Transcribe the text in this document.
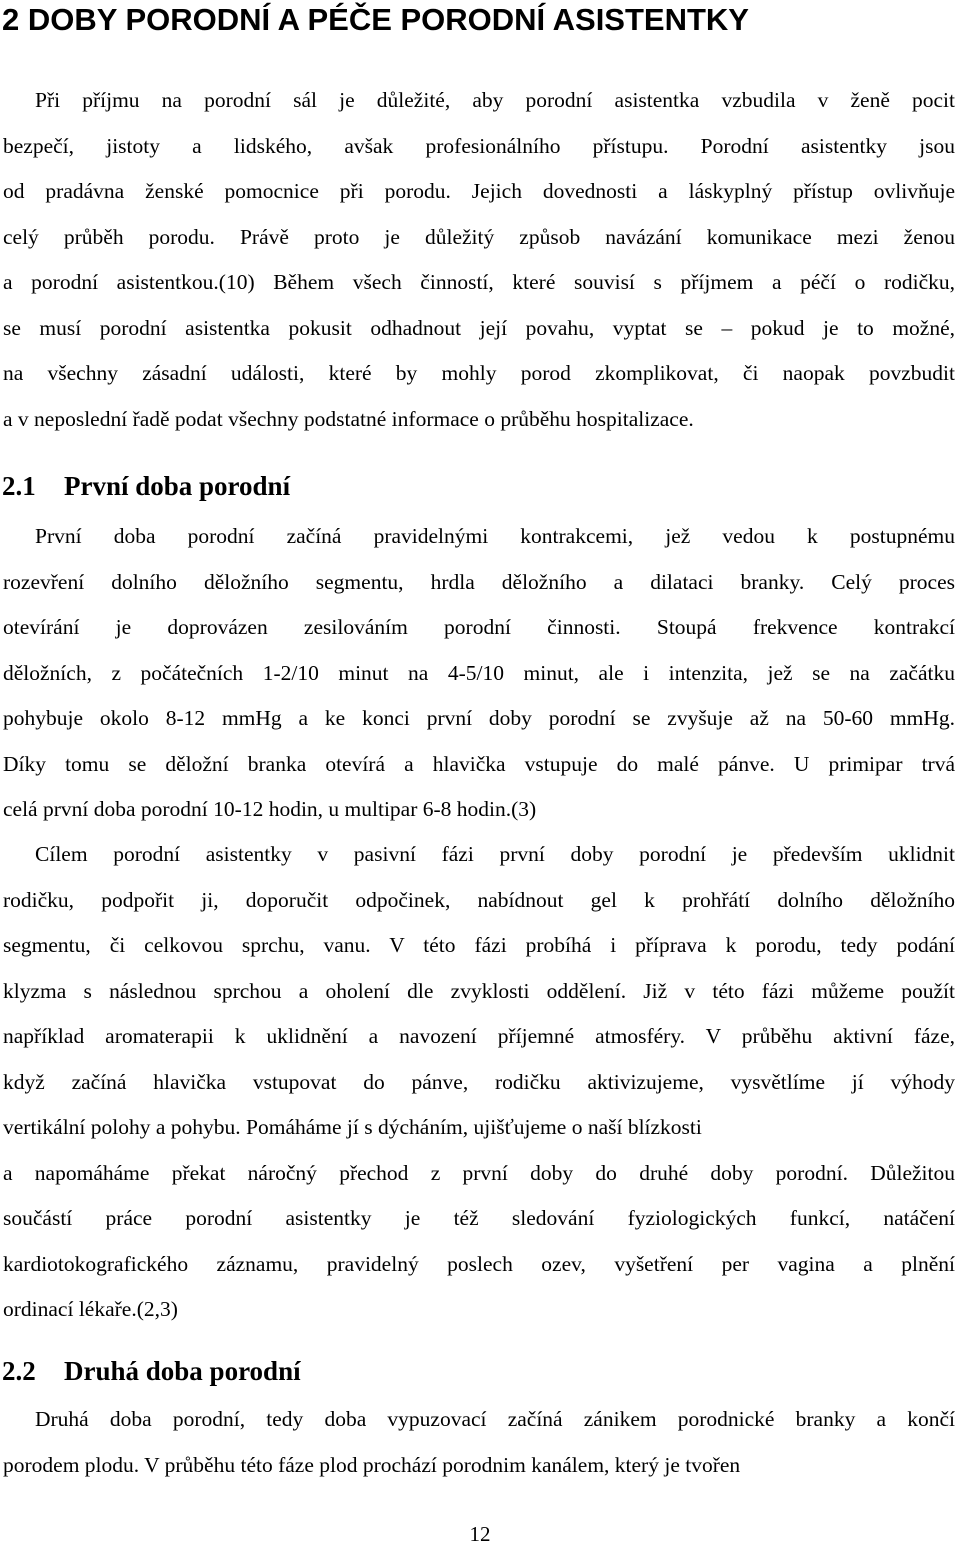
2 DOBY PORODNÍ A PÉČE PORODNÍ ASISTENTKY
Při příjmu na porodní sál je důležité, aby porodní asistentka vzbudila v ženě pocit
bezpečí, jistoty a lidského, avšak profesionálního přístupu. Porodní asistentky jsou
od pradávna ženské pomocnice při porodu. Jejich dovednosti a láskyplný přístup ovlivňuje
celý průběh porodu. Právě proto je důležitý způsob navázání komunikace mezi ženou
a porodní asistentkou.(10) Během všech činností, které souvisí s příjmem a péčí o rodičku,
se musí porodní asistentka pokusit odhadnout její povahu, vyptat se – pokud je to možné,
na všechny zásadní události, které by mohly porod zkomplikovat, či naopak povzbudit
a v neposlední řadě podat všechny podstatné informace o průběhu hospitalizace.
2.1 První doba porodní
První doba porodní začíná pravidelnými kontrakcemi, jež vedou k postupnému
rozevření dolního děložního segmentu, hrdla děložního a dilataci branky. Celý proces
otevírání je doprovázen zesilováním porodní činnosti. Stoupá frekvence kontrakcí
děložních, z počátečních 1-2/10 minut na 4-5/10 minut, ale i intenzita, jež se na začátku
pohybuje okolo 8-12 mmHg a ke konci první doby porodní se zvyšuje až na 50-60 mmHg.
Díky tomu se děložní branka otevírá a hlavička vstupuje do malé pánve. U primipar trvá
celá první doba porodní 10-12 hodin, u multipar 6-8 hodin.(3)
Cílem porodní asistentky v pasivní fázi první doby porodní je především uklidnit
rodičku, podpořit ji, doporučit odpočinek, nabídnout gel k prohřátí dolního děložního
segmentu, či celkovou sprchu, vanu. V této fázi probíhá i příprava k porodu, tedy podání
klyzma s následnou sprchou a oholení dle zvyklosti oddělení. Již v této fázi můžeme použít
například aromaterapii k uklidnění a navození příjemné atmosféry. V průběhu aktivní fáze,
když začíná hlavička vstupovat do pánve, rodičku aktivizujeme, vysvětlíme jí výhody
vertikální polohy a pohybu. Pomáháme jí s dýcháním, ujišťujeme o naší blízkosti
a napomáháme překat náročný přechod z první doby do druhé doby porodní. Důležitou
součástí práce porodní asistentky je též sledování fyziologických funkcí, natáčení
kardiotokografického záznamu, pravidelný poslech ozev, vyšetření per vagina a plnění
ordinací lékaře.(2,3)
2.2 Druhá doba porodní
Druhá doba porodní, tedy doba vypuzovací začíná zánikem porodnické branky a končí
porodem plodu. V průběhu této fáze plod prochází porodnim kanálem, který je tvořen
12
